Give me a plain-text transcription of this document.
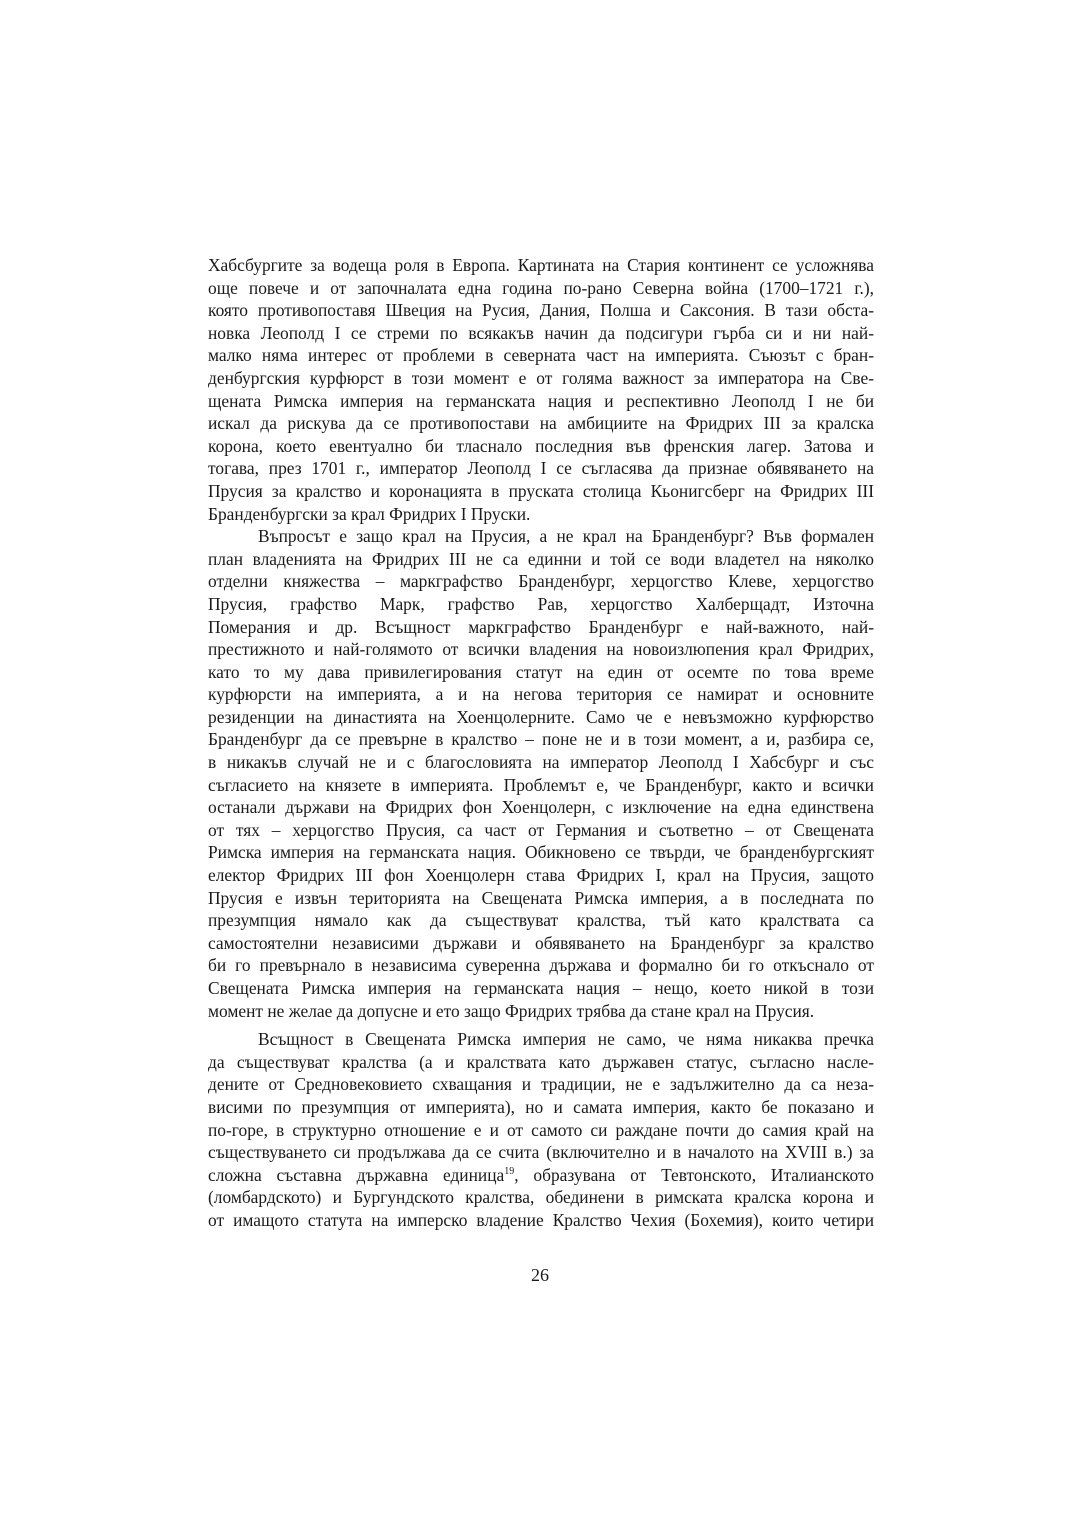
Хабсбургите за водеща роля в Европа. Картината на Стария континент се усложнява
още повече и от започналата една година по-рано Северна война (1700–1721 г.),
която противопоставя Швеция на Русия, Дания, Полша и Саксония. В тази обста-
новка Леополд I се стреми по всякакъв начин да подсигури гърба си и ни най-
малко няма интерес от проблеми в северната част на империята. Съюзът с бран-
денбургския курфюрст в този момент е от голяма важност за императора на Све-
щената Римска империя на германската нация и респективно Леополд I не би
искал да рискува да се противопостави на амбициите на Фридрих III за кралска
корона, което евентуално би тласнало последния във френския лагер. Затова и
тогава, през 1701 г., император Леополд I се съгласява да признае обявяването на
Прусия за кралство и коронацията в пруската столица Кьонигсберг на Фридрих III
Бранденбургски за крал Фридрих I Пруски.
Въпросът е защо крал на Прусия, а не крал на Бранденбург? Във формален
план владенията на Фридрих III не са единни и той се води владетел на няколко
отделни княжества – маркграфство Бранденбург, херцогство Клеве, херцогство
Прусия, графство Марк, графство Рав, херцогство Халберщадт, Източна
Померания и др. Всъщност маркграфство Бранденбург е най-важното, най-
престижното и най-голямото от всички владения на новоизлюпения крал Фридрих,
като то му дава привилегирования статут на един от осемте по това време
курфюрсти на империята, а и на негова територия се намират и основните
резиденции на династията на Хоенцолерните. Само че е невъзможно курфюрство
Бранденбург да се превърне в кралство – поне не и в този момент, а и, разбира се,
в никакъв случай не и с благословията на император Леополд I Хабсбург и със
съгласието на князете в империята. Проблемът е, че Бранденбург, както и всички
останали държави на Фридрих фон Хоенцолерн, с изключение на една единствена
от тях – херцогство Прусия, са част от Германия и съответно – от Свещената
Римска империя на германската нация. Обикновено се твърди, че бранденбургският
електор Фридрих III фон Хоенцолерн става Фридрих I, крал на Прусия, защото
Прусия е извън територията на Свещената Римска империя, а в последната по
презумпция нямало как да съществуват кралства, тъй като кралствата са
самостоятелни независими държави и обявяването на Бранденбург за кралство
би го превърнало в независима суверенна държава и формално би го откъснало от
Свещената Римска империя на германската нация – нещо, което никой в този
момент не желае да допусне и ето защо Фридрих трябва да стане крал на Прусия.
Всъщност в Свещената Римска империя не само, че няма никаква пречка
да съществуват кралства (а и кралствата като държавен статус, съгласно насле-
дените от Средновековието схващания и традиции, не е задължително да са неза-
висими по презумпция от империята), но и самата империя, както бе показано и
по-горе, в структурно отношение е и от самото си раждане почти до самия край на
съществуването си продължава да се счита (включително и в началото на XVIII в.) за
сложна съставна държавна единица$^{19}$, образувана от Тевтонското, Италианското
(ломбардското) и Бургундското кралства, обединени в римската кралска корона и
от имащото статута на имперско владение Кралство Чехия (Бохемия), които четири
26
